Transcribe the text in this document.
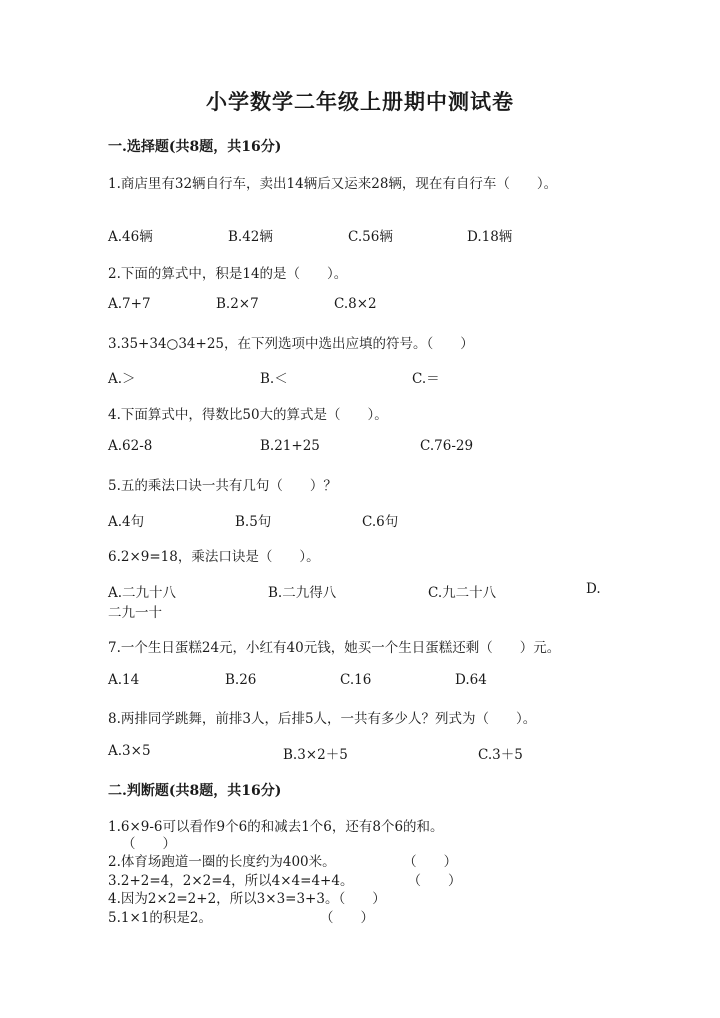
小学数学二年级上册期中测试卷
一.选择题(共8题，共16分)
1.商店里有32辆自行车，卖出14辆后又运来28辆，现在有自行车（　　）。
A.46辆	B.42辆	C.56辆	D.18辆
2.下面的算式中，积是14的是（　　）。
A.7+7	B.2×7	C.8×2
3.35+34○34+25，在下列选项中选出应填的符号。（　　）
A.＞	B.＜	C.＝
4.下面算式中，得数比50大的算式是（　　）。
A.62-8	B.21+25	C.76-29
5.五的乘法口诀一共有几句（　　）？
A.4句	B.5句	C.6句
6.2×9=18，乘法口诀是（　　）。
A.二九十八	B.二九得八	C.九二十八	D.
二九一十
7.一个生日蛋糕24元，小红有40元钱，她买一个生日蛋糕还剩（　　）元。
A.14	B.26	C.16	D.64
8.两排同学跳舞，前排3人，后排5人，一共有多少人？列式为（　　）。
A.3×5	B.3×2＋5	C.3＋5
二.判断题(共8题，共16分)
1.6×9-6可以看作9个6的和减去1个6，还有8个6的和。
（　　）
2.体育场跑道一圈的长度约为400米。　　　　　　（　　）
3.2+2=4，2×2=4，所以4×4=4+4。　　　　　（　　）
4.因为2×2=2+2，所以3×3=3+3。（　　）
5.1×1的积是2。　　　　　　　　　（　　）
